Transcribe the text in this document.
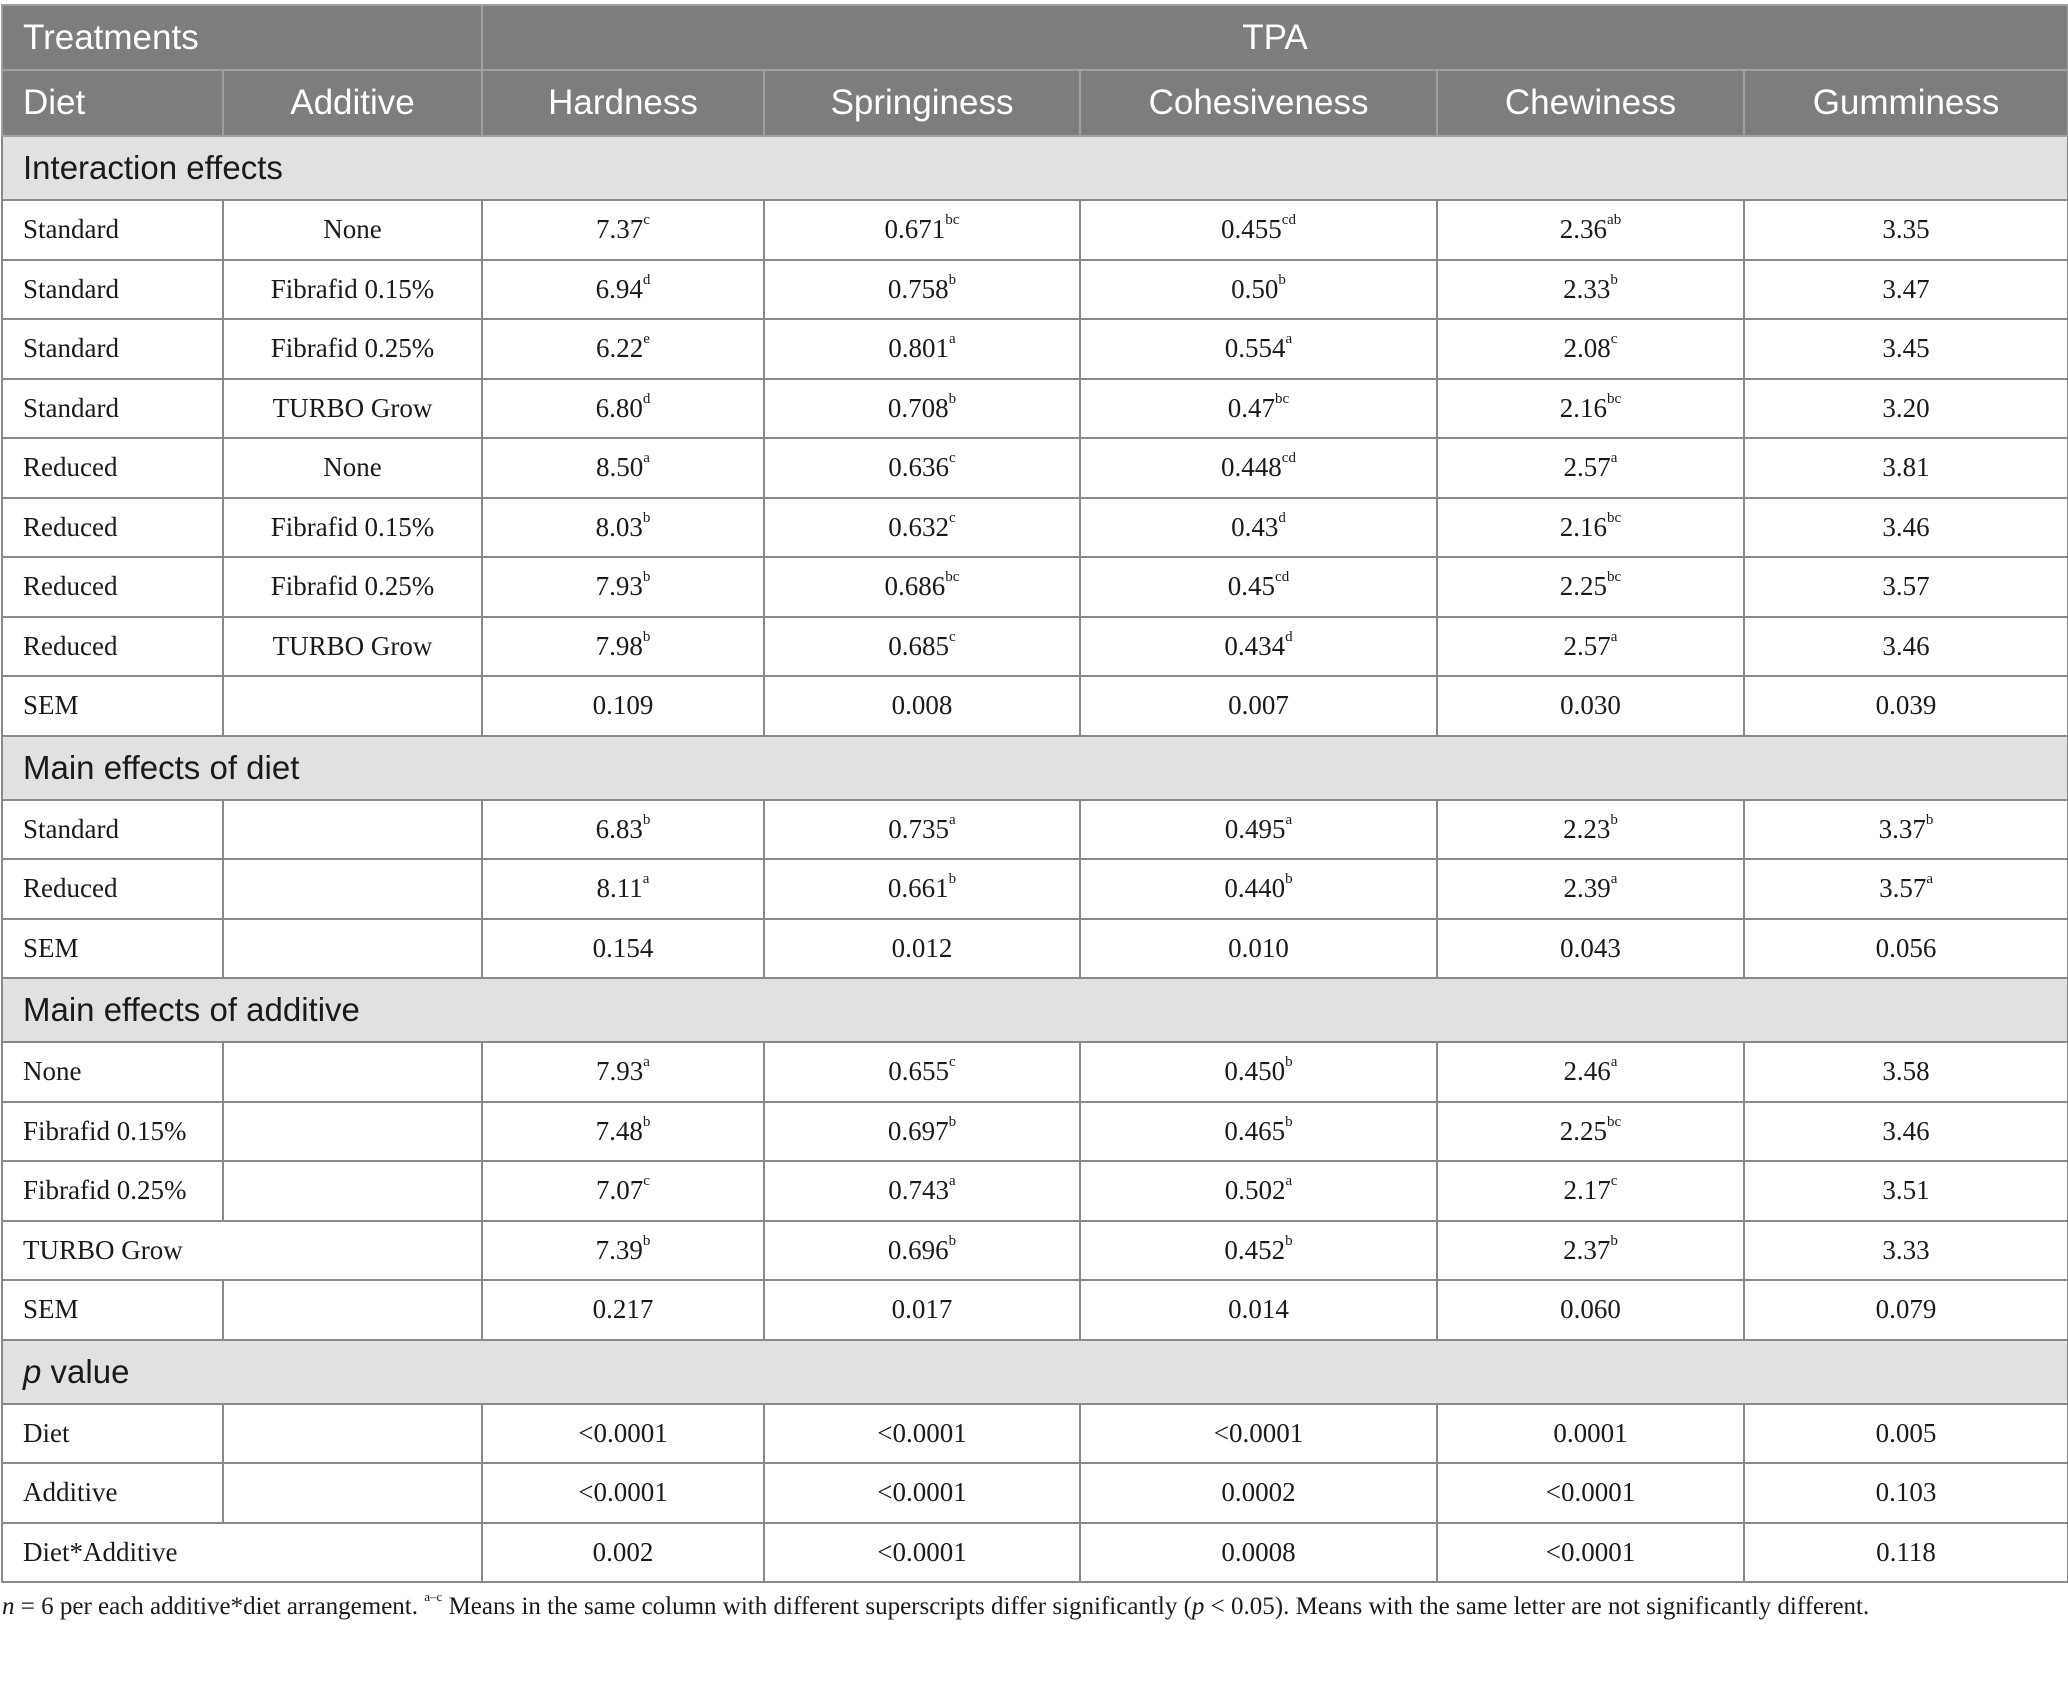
Treatments		TPA				
Diet	Additive	Hardness	Springiness	Cohesiveness	Chewiness	Gumminess
Interaction effects						
Standard	None	7.37$^c$	0.671$^{bc}$	0.455$^{cd}$	2.36$^{ab}$	3.35
Standard	Fibrafid 0.15%	6.94$^d$	0.758$^b$	0.50$^b$	2.33$^b$	3.47
Standard	Fibrafid 0.25%	6.22e	0.801$^a$	0.554$^a$	2.08$^c$	3.45
Standard	TURBO Grow	6.80$^d$	0.708$^b$	0.47$^{bc}$	2.16$^{bc}$	3.20
Reduced	None	8.50$^a$	0.636$^c$	0.448$^{cd}$	2.57$^a$	3.81
Reduced	Fibrafid 0.15%	8.03$^b$	0.632$^c$	0.43$^d$	2.16$^{bc}$	3.46
Reduced	Fibrafid 0.25%	7.93$^b$	0.686$^{bc}$	0.45$^{cd}$	2.25$^{bc}$	3.57
Reduced	TURBO Grow	7.98$^b$	0.685$^c$	0.434$^d$	2.57$^a$	3.46
SEM		0.109	0.008	0.007	0.030	0.039
Main effects of diet						
Standard		6.83$^b$	0.735$^a$	0.495$^a$	2.23$^b$	3.37$^b$
Reduced		8.11$^a$	0.661$^b$	0.440$^b$	2.39$^a$	3.57$^a$
SEM		0.154	0.012	0.010	0.043	0.056
Main effects of additive						
None		7.93$^a$	0.655$^c$	0.450$^b$	2.46$^a$	3.58
Fibrafid 0.15%		7.48$^b$	0.697$^b$	0.465$^b$	2.25$^{bc}$	3.46
Fibrafid 0.25%		7.07$^c$	0.743$^a$	0.502$^a$	2.17$^c$	3.51
TURBO Grow		7.39$^b$	0.696$^b$	0.452$^b$	2.37$^b$	3.33
SEM		0.217	0.017	0.014	0.060	0.079
p value						
Diet		<0.0001	<0.0001	<0.0001	0.0001	0.005
Additive		<0.0001	<0.0001	0.0002	<0.0001	0.103
Diet*Additive		0.002	<0.0001	0.0008	<0.0001	0.118
n = 6 per each additive*diet arrangement. $^{a-c}$ Means in the same column with different superscripts differ significantly (p < 0.05). Means with the same letter are not significantly different.
